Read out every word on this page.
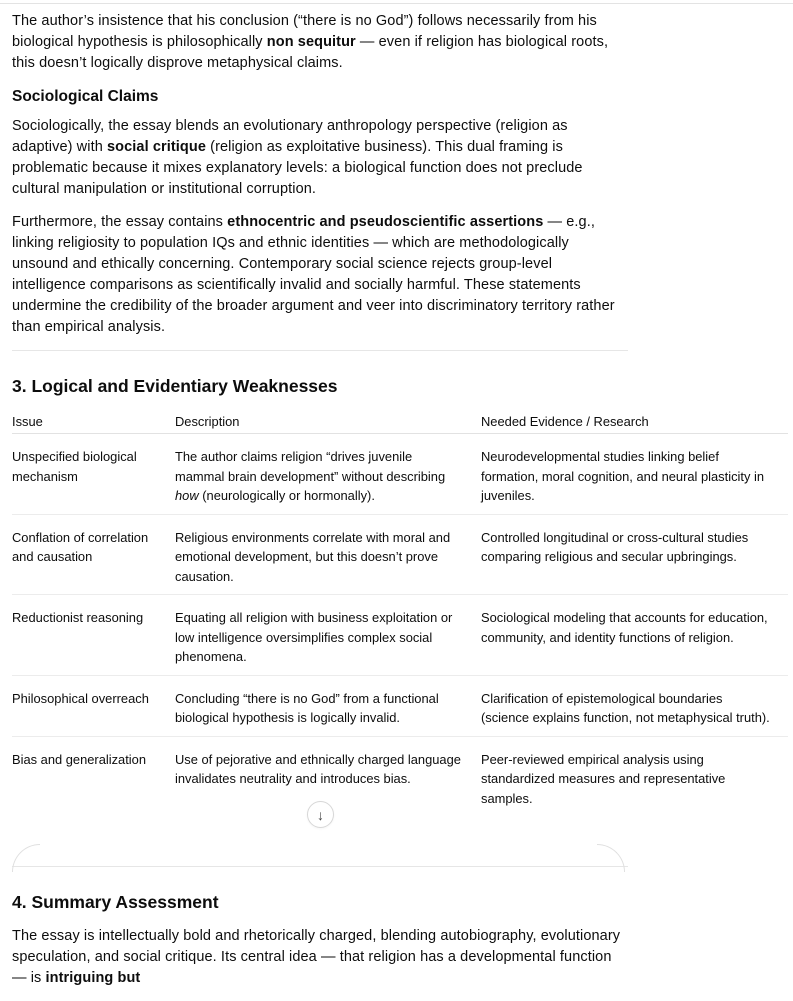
The author’s insistence that his conclusion (“there is no God”) follows necessarily from his biological hypothesis is philosophically non sequitur — even if religion has biological roots, this doesn’t logically disprove metaphysical claims.

Sociological Claims

Sociologically, the essay blends an evolutionary anthropology perspective (religion as adaptive) with social critique (religion as exploitative business). This dual framing is problematic because it mixes explanatory levels: a biological function does not preclude cultural manipulation or institutional corruption.

Furthermore, the essay contains ethnocentric and pseudoscientific assertions — e.g., linking religiosity to population IQs and ethnic identities — which are methodologically unsound and ethically concerning. Contemporary social science rejects group-level intelligence comparisons as scientifically invalid and socially harmful. These statements undermine the credibility of the broader argument and veer into discriminatory territory rather than empirical analysis.

3. Logical and Evidentiary Weaknesses
Issue	Description	Needed Evidence / Research
Unspecified biological mechanism	The author claims religion “drives juvenile mammal brain development” without describing how (neurologically or hormonally).	Neurodevelopmental studies linking belief formation, moral cognition, and neural plasticity in juveniles.
Conflation of correlation and causation	Religious environments correlate with moral and emotional development, but this doesn’t prove causation.	Controlled longitudinal or cross-cultural studies comparing religious and secular upbringings.
Reductionist reasoning	Equating all religion with business exploitation or low intelligence oversimplifies complex social phenomena.	Sociological modeling that accounts for education, community, and identity functions of religion.
Philosophical overreach	Concluding “there is no God” from a functional biological hypothesis is logically invalid.	Clarification of epistemological boundaries (science explains function, not metaphysical truth).
Bias and generalization	Use of pejorative and ethnically charged language invalidates neutrality and introduces bias.	Peer-reviewed empirical analysis using standardized measures and representative samples.
4. Summary Assessment

The essay is intellectually bold and rhetorically charged, blending autobiography, evolutionary speculation, and social critique. Its central idea — that religion has a developmental function — is intriguing but

↓
